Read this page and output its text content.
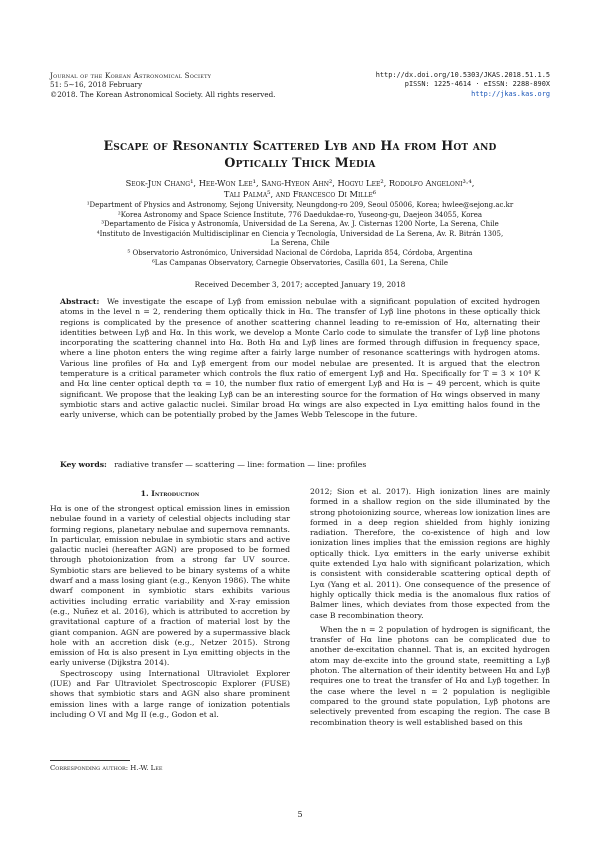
Journal of the Korean Astronomical Society
51: 5∼16, 2018 February
©2018. The Korean Astronomical Society. All rights reserved.
http://dx.doi.org/10.5303/JKAS.2018.51.1.5
pISSN: 1225-4614 · eISSN: 2288-890X
http://jkas.kas.org
Escape of Resonantly Scattered Lyβ and Hα from Hot and
Optically Thick Media
Seok-Jun Chang¹, Hee-Won Lee¹, Sang-Hyeon Ahn², Hogyu Lee², Rodolfo Angeloni³·⁴,
Tali Palma⁵, and Francesco Di Mille⁶
¹Department of Physics and Astronomy, Sejong University, Neungdong-ro 209, Seoul 05006, Korea; hwlee@sejong.ac.kr
²Korea Astronomy and Space Science Institute, 776 Daedukdae-ro, Yuseong-gu, Daejeon 34055, Korea
³Departamento de Física y Astronomía, Universidad de La Serena, Av. J. Cisternas 1200 Norte, La Serena, Chile
⁴Instituto de Investigación Multidisciplinar en Ciencia y Tecnología, Universidad de La Serena, Av. R. Bitrán 1305,
La Serena, Chile
⁵ Observatorio Astronómico, Universidad Nacional de Córdoba, Laprida 854, Córdoba, Argentina
⁶Las Campanas Observatory, Carnegie Observatories, Casilla 601, La Serena, Chile
Received December 3, 2017; accepted January 19, 2018
Abstract: We investigate the escape of Lyβ from emission nebulae with a significant population of excited hydrogen atoms in the level n = 2, rendering them optically thick in Hα. The transfer of Lyβ line photons in these optically thick regions is complicated by the presence of another scattering channel leading to re-emission of Hα, alternating their identities between Lyβ and Hα. In this work, we develop a Monte Carlo code to simulate the transfer of Lyβ line photons incorporating the scattering channel into Hα. Both Hα and Lyβ lines are formed through diffusion in frequency space, where a line photon enters the wing regime after a fairly large number of resonance scatterings with hydrogen atoms. Various line profiles of Hα and Lyβ emergent from our model nebulae are presented. It is argued that the electron temperature is a critical parameter which controls the flux ratio of emergent Lyβ and Hα. Specifically for T = 3 × 10⁴ K and Hα line center optical depth τα = 10, the number flux ratio of emergent Lyβ and Hα is ∼ 49 percent, which is quite significant. We propose that the leaking Lyβ can be an interesting source for the formation of Hα wings observed in many symbiotic stars and active galactic nuclei. Similar broad Hα wings are also expected in Lyα emitting halos found in the early universe, which can be potentially probed by the James Webb Telescope in the future.
Key words: radiative transfer — scattering — line: formation — line: profiles
1. Introduction
Hα is one of the strongest optical emission lines in emission nebulae found in a variety of celestial objects including star forming regions, planetary nebulae and supernova remnants. In particular, emission nebulae in symbiotic stars and active galactic nuclei (hereafter AGN) are proposed to be formed through photoionization from a strong far UV source. Symbiotic stars are believed to be binary systems of a white dwarf and a mass losing giant (e.g., Kenyon 1986). The white dwarf component in symbiotic stars exhibits various activities including erratic variability and X-ray emission (e.g., Nuñez et al. 2016), which is attributed to accretion by gravitational capture of a fraction of material lost by the giant companion. AGN are powered by a supermassive black hole with an accretion disk (e.g., Netzer 2015). Strong emission of Hα is also present in Lyα emitting objects in the early universe (Dijkstra 2014).
Spectroscopy using International Ultraviolet Explorer (IUE) and Far Ultraviolet Spectroscopic Explorer (FUSE) shows that symbiotic stars and AGN also share prominent emission lines with a large range of ionization potentials including O VI and Mg II (e.g., Godon et al.
2012; Sion et al. 2017). High ionization lines are mainly formed in a shallow region on the side illuminated by the strong photoionizing source, whereas low ionization lines are formed in a deep region shielded from highly ionizing radiation. Therefore, the co-existence of high and low ionization lines implies that the emission regions are highly optically thick. Lyα emitters in the early universe exhibit quite extended Lyα halo with significant polarization, which is consistent with considerable scattering optical depth of Lyα (Yang et al. 2011). One consequence of the presence of highly optically thick media is the anomalous flux ratios of Balmer lines, which deviates from those expected from the case B recombination theory.
When the n = 2 population of hydrogen is significant, the transfer of Hα line photons can be complicated due to another de-excitation channel. That is, an excited hydrogen atom may de-excite into the ground state, reemitting a Lyβ photon. The alternation of their identity between Hα and Lyβ requires one to treat the transfer of Hα and Lyβ together. In the case where the level n = 2 population is negligible compared to the ground state population, Lyβ photons are selectively prevented from escaping the region. The case B recombination theory is well established based on this
Corresponding author: H.-W. Lee
5
